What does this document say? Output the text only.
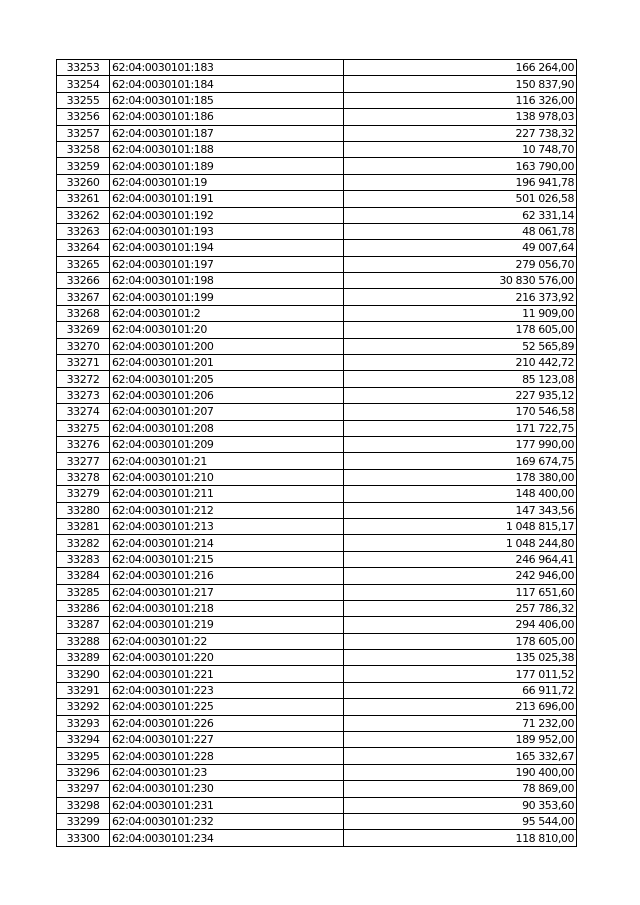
33253	62:04:0030101:183	166 264,00
33254	62:04:0030101:184	150 837,90
33255	62:04:0030101:185	116 326,00
33256	62:04:0030101:186	138 978,03
33257	62:04:0030101:187	227 738,32
33258	62:04:0030101:188	10 748,70
33259	62:04:0030101:189	163 790,00
33260	62:04:0030101:19	196 941,78
33261	62:04:0030101:191	501 026,58
33262	62:04:0030101:192	62 331,14
33263	62:04:0030101:193	48 061,78
33264	62:04:0030101:194	49 007,64
33265	62:04:0030101:197	279 056,70
33266	62:04:0030101:198	30 830 576,00
33267	62:04:0030101:199	216 373,92
33268	62:04:0030101:2	11 909,00
33269	62:04:0030101:20	178 605,00
33270	62:04:0030101:200	52 565,89
33271	62:04:0030101:201	210 442,72
33272	62:04:0030101:205	85 123,08
33273	62:04:0030101:206	227 935,12
33274	62:04:0030101:207	170 546,58
33275	62:04:0030101:208	171 722,75
33276	62:04:0030101:209	177 990,00
33277	62:04:0030101:21	169 674,75
33278	62:04:0030101:210	178 380,00
33279	62:04:0030101:211	148 400,00
33280	62:04:0030101:212	147 343,56
33281	62:04:0030101:213	1 048 815,17
33282	62:04:0030101:214	1 048 244,80
33283	62:04:0030101:215	246 964,41
33284	62:04:0030101:216	242 946,00
33285	62:04:0030101:217	117 651,60
33286	62:04:0030101:218	257 786,32
33287	62:04:0030101:219	294 406,00
33288	62:04:0030101:22	178 605,00
33289	62:04:0030101:220	135 025,38
33290	62:04:0030101:221	177 011,52
33291	62:04:0030101:223	66 911,72
33292	62:04:0030101:225	213 696,00
33293	62:04:0030101:226	71 232,00
33294	62:04:0030101:227	189 952,00
33295	62:04:0030101:228	165 332,67
33296	62:04:0030101:23	190 400,00
33297	62:04:0030101:230	78 869,00
33298	62:04:0030101:231	90 353,60
33299	62:04:0030101:232	95 544,00
33300	62:04:0030101:234	118 810,00
